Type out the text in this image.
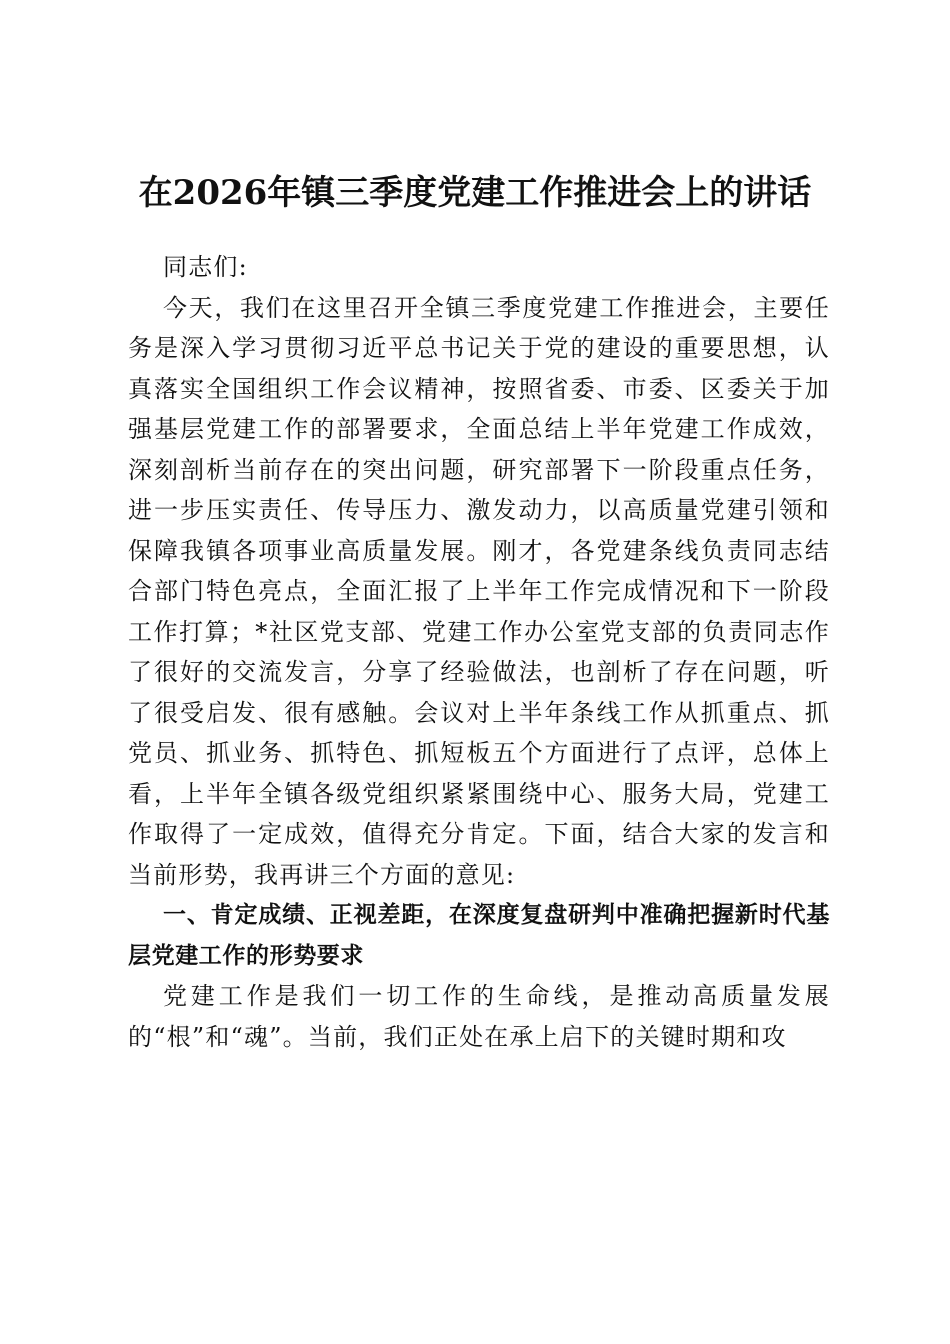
在2026年镇三季度党建工作推进会上的讲话

同志们:

今天，我们在这里召开全镇三季度党建工作推进会，主要任务是深入学习贯彻习近平总书记关于党的建设的重要思想，认真落实全国组织工作会议精神，按照省委、市委、区委关于加强基层党建工作的部署要求，全面总结上半年党建工作成效，深刻剖析当前存在的突出问题，研究部署下一阶段重点任务，进一步压实责任、传导压力、激发动力，以高质量党建引领和保障我镇各项事业高质量发展。刚才，各党建条线负责同志结合部门特色亮点，全面汇报了上半年工作完成情况和下一阶段工作打算；*社区党支部、党建工作办公室党支部的负责同志作了很好的交流发言，分享了经验做法，也剖析了存在问题，听了很受启发、很有感触。会议对上半年条线工作从抓重点、抓党员、抓业务、抓特色、抓短板五个方面进行了点评，总体上看，上半年全镇各级党组织紧紧围绕中心、服务大局，党建工作取得了一定成效，值得充分肯定。下面，结合大家的发言和当前形势，我再讲三个方面的意见:

一、肯定成绩、正视差距，在深度复盘研判中准确把握新时代基层党建工作的形势要求

党建工作是我们一切工作的生命线，是推动高质量发展的“根”和“魂”。当前，我们正处在承上启下的关键时期和攻
